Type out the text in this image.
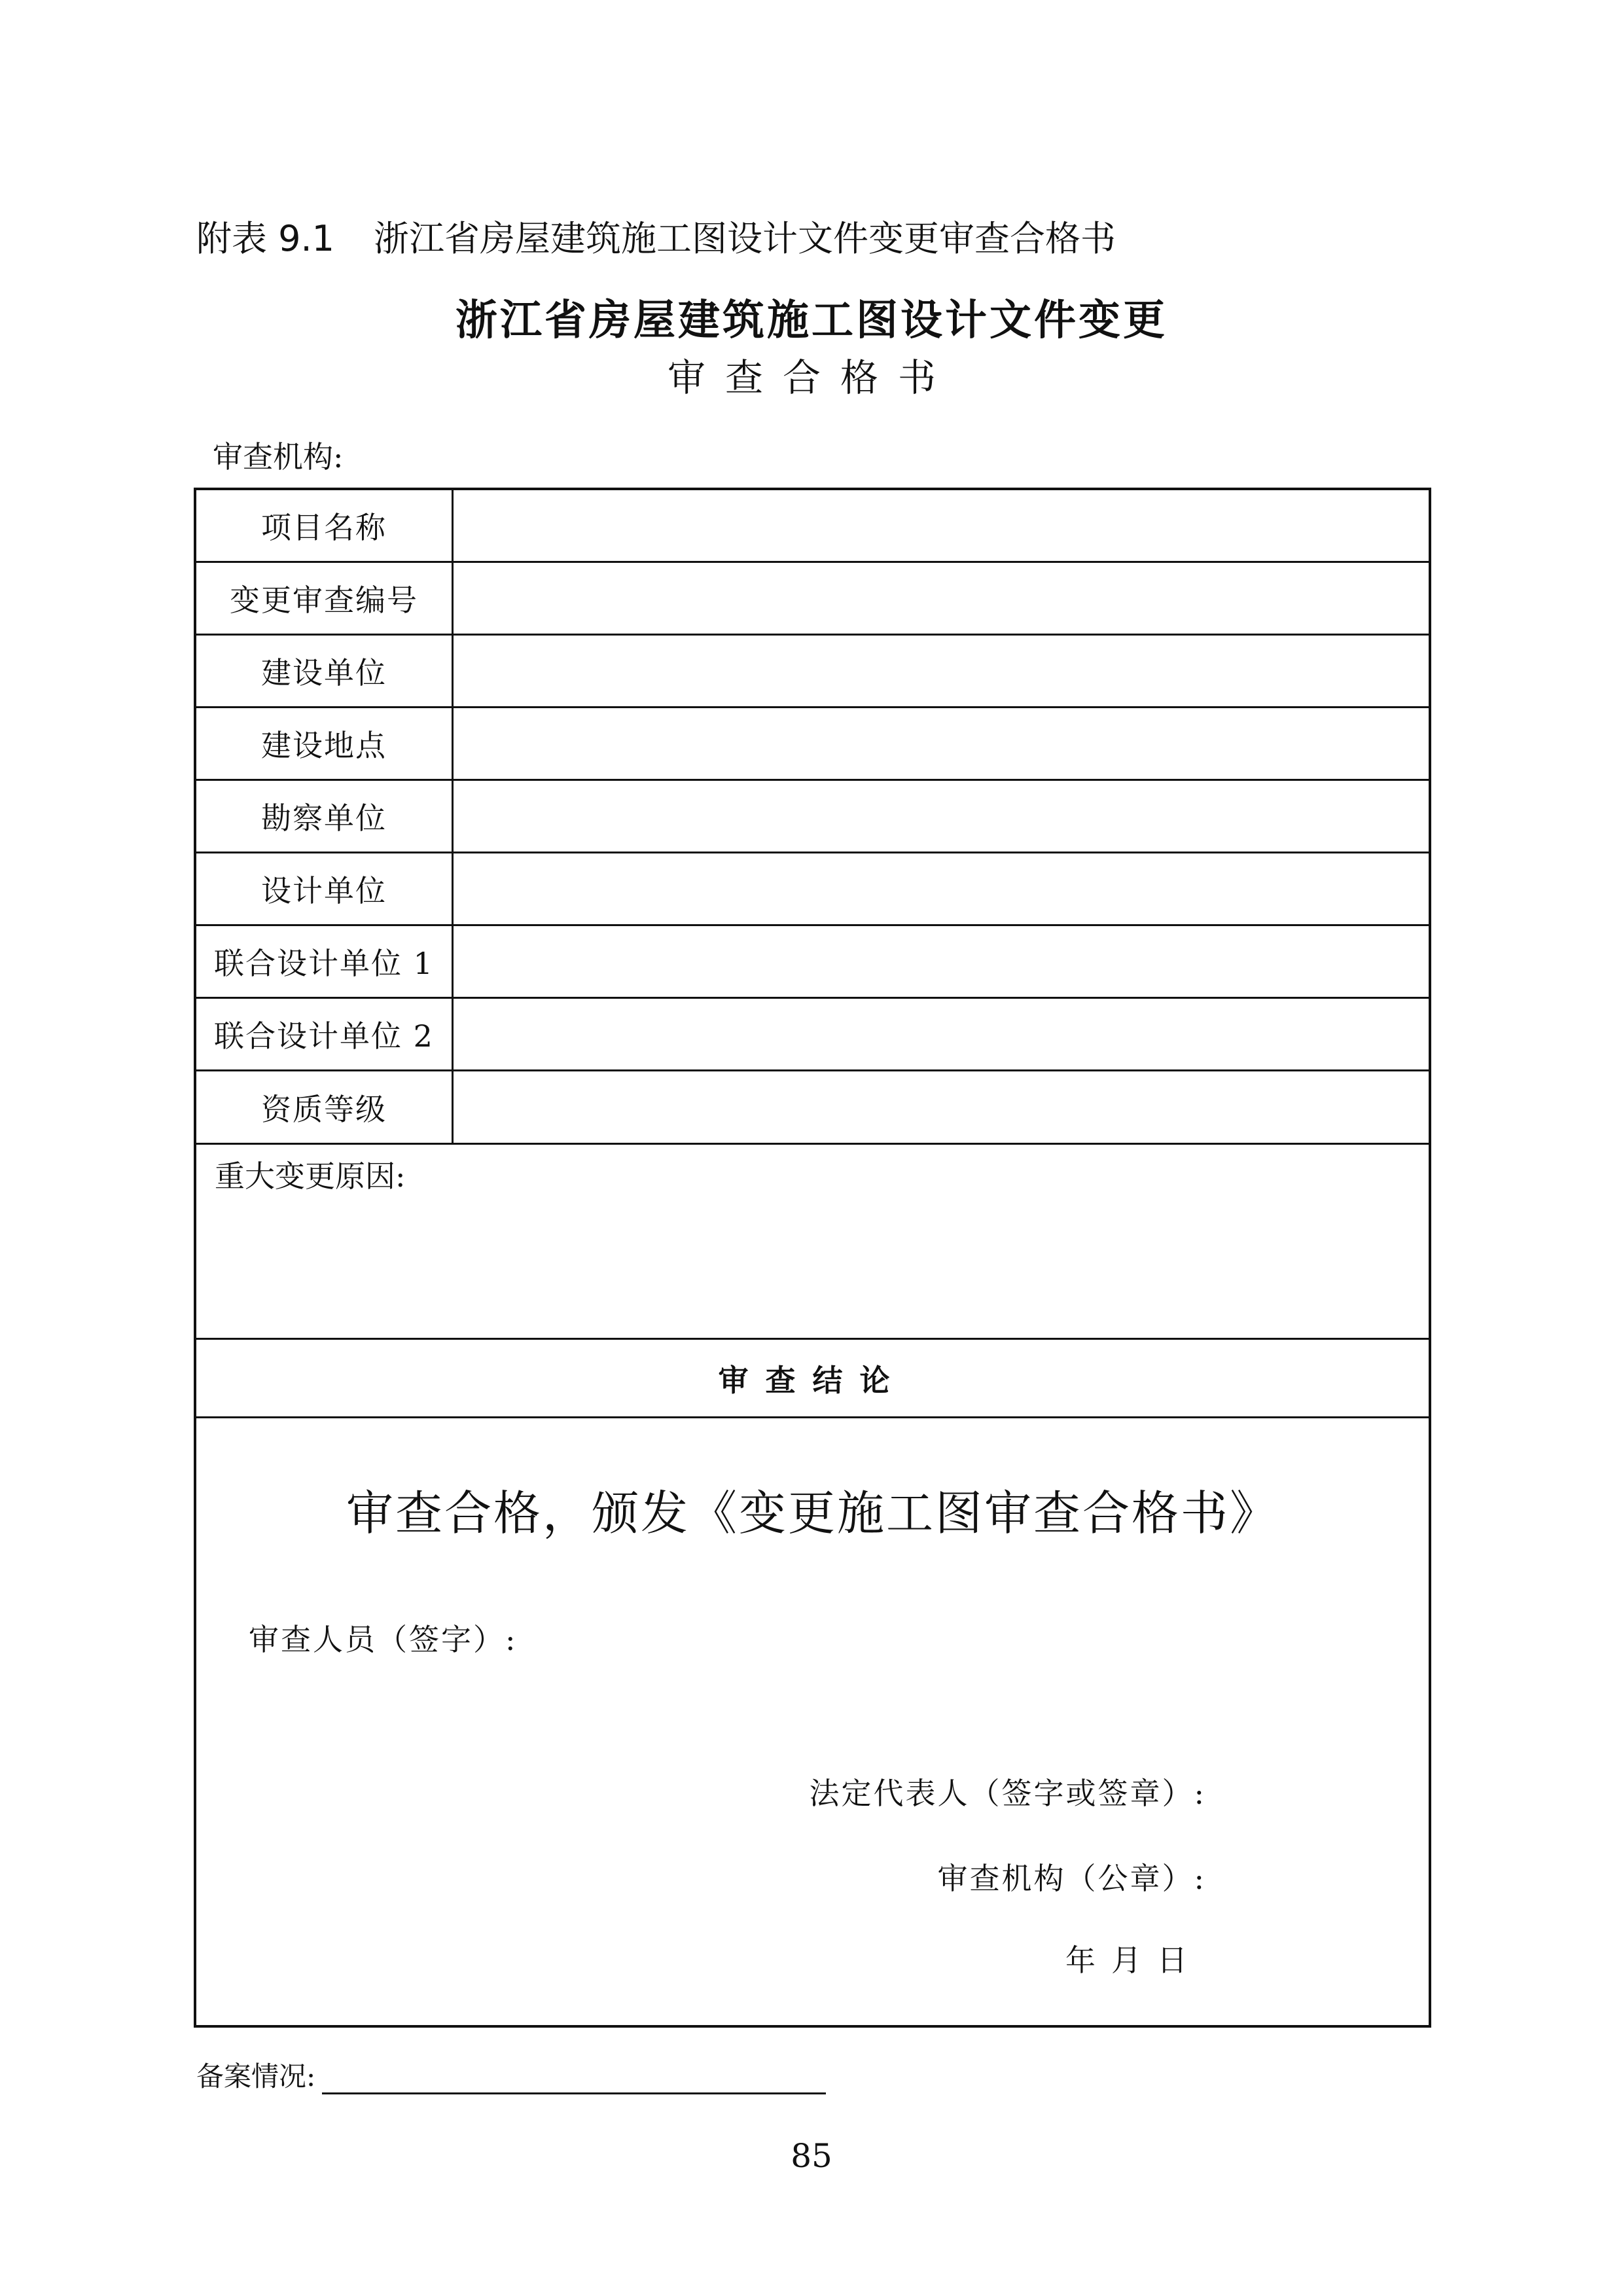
附表 9.1 浙江省房屋建筑施工图设计文件变更审查合格书
浙江省房屋建筑施工图设计文件变更
审查合格书
审查机构:
项目名称
变更审查编号
建设单位
建设地点
勘察单位
设计单位
联合设计单位 1
联合设计单位 2
资质等级
重大变更原因:
审查结论
审查合格，颁发《变更施工图审查合格书》
审查人员（签字）:
法定代表人（签字或签章）:
审查机构（公章）:
年月日
备案情况:
85
